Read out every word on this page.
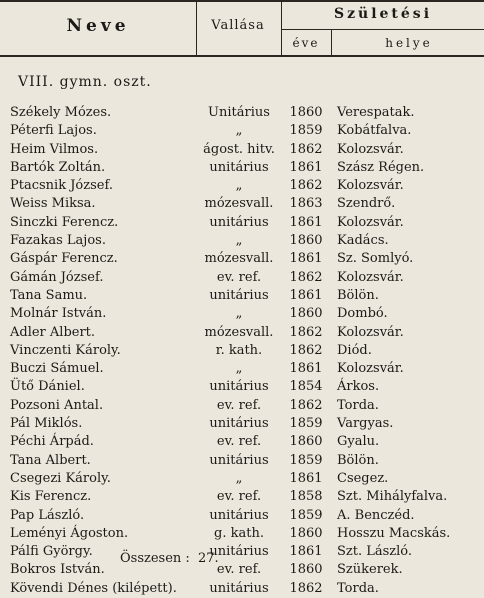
Neve	Vallása
Születési
éve	helye
VIII. gymn. oszt.
Székely Mózes.	Unitárius	1860	Verespatak.
Péterfi Lajos.	„	1859	Kobátfalva.
Heim Vilmos.	ágost. hitv.	1862	Kolozsvár.
Bartók Zoltán.	unitárius	1861	Szász Régen.
Ptacsnik József.	„	1862	Kolozsvár.
Weiss Miksa.	mózesvall.	1863	Szendrő.
Sinczki Ferencz.	unitárius	1861	Kolozsvár.
Fazakas Lajos.	„	1860	Kadács.
Gáspár Ferencz.	mózesvall.	1861	Sz. Somlyó.
Gámán József.	ev. ref.	1862	Kolozsvár.
Tana Samu.	unitárius	1861	Bölön.
Molnár István.	„	1860	Dombó.
Adler Albert.	mózesvall.	1862	Kolozsvár.
Vinczenti Károly.	r. kath.	1862	Diód.
Buczi Sámuel.	„	1861	Kolozsvár.
Ütő Dániel.	unitárius	1854	Árkos.
Pozsoni Antal.	ev. ref.	1862	Torda.
Pál Miklós.	unitárius	1859	Vargyas.
Péchi Árpád.	ev. ref.	1860	Gyalu.
Tana Albert.	unitárius	1859	Bölön.
Csegezi Károly.	„	1861	Csegez.
Kis Ferencz.	ev. ref.	1858	Szt. Mihályfalva.
Pap László.	unitárius	1859	A. Benczéd.
Leményi Ágoston.	g. kath.	1860	Hosszu Macskás.
Pálfi György.	unitárius	1861	Szt. László.
Bokros István.	ev. ref.	1860	Szükerek.
Kövendi Dénes (kilépett).	unitárius	1862	Torda.
Összesen : 27.
